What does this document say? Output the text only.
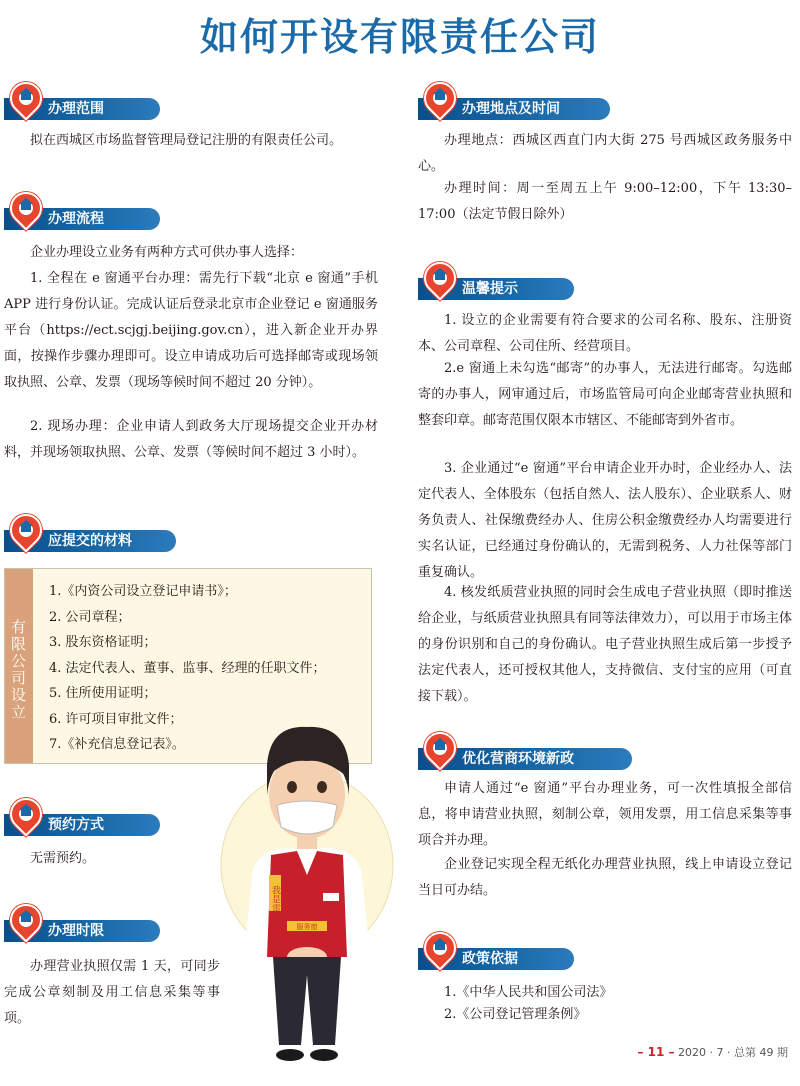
如何开设有限责任公司
办理范围

拟在西城区市场监督管理局登记注册的有限责任公司。

办理流程

企业办理设立业务有两种方式可供办事人选择：

1. 全程在 e 窗通平台办理：需先行下载“北京 e 窗通”手机 APP 进行身份认证。完成认证后登录北京市企业登记 e 窗通服务平台（https://ect.scjgj.beijing.gov.cn），进入新企业开办界面，按操作步骤办理即可。设立申请成功后可选择邮寄或现场领取执照、公章、发票（现场等候时间不超过 20 分钟）。

2. 现场办理：企业申请人到政务大厅现场提交企业开办材料，并现场领取执照、公章、发票（等候时间不超过 3 小时）。

应提交的材料
有限公司设立
1.《内资公司设立登记申请书》；
2. 公司章程；
3. 股东资格证明；
4. 法定代表人、董事、监事、经理的任职文件；
5. 住所使用证明；
6. 许可项目审批文件；
7.《补充信息登记表》。
预约方式

无需预约。

办理时限

办理营业执照仅需 1 天，可同步完成公章刻制及用工信息采集等事项。

我是雷
服务窗
办理地点及时间

办理地点：西城区西直门内大街 275 号西城区政务服务中心。

办理时间：周一至周五上午 9:00–12:00，下午 13:30–17:00（法定节假日除外）

温馨提示

1. 设立的企业需要有符合要求的公司名称、股东、注册资本、公司章程、公司住所、经营项目。

2.e 窗通上未勾选“邮寄”的办事人，无法进行邮寄。勾选邮寄的办事人，网审通过后，市场监管局可向企业邮寄营业执照和整套印章。邮寄范围仅限本市辖区、不能邮寄到外省市。

3. 企业通过“e 窗通”平台申请企业开办时，企业经办人、法定代表人、全体股东（包括自然人、法人股东）、企业联系人、财务负责人、社保缴费经办人、住房公积金缴费经办人均需要进行实名认证，已经通过身份确认的，无需到税务、人力社保等部门重复确认。

4. 核发纸质营业执照的同时会生成电子营业执照（即时推送给企业，与纸质营业执照具有同等法律效力），可以用于市场主体的身份识别和自己的身份确认。电子营业执照生成后第一步授予法定代表人，还可授权其他人，支持微信、支付宝的应用（可直接下载）。

优化营商环境新政

申请人通过“e 窗通”平台办理业务，可一次性填报全部信息，将申请营业执照，刻制公章，领用发票，用工信息采集等事项合并办理。

企业登记实现全程无纸化办理营业执照，线上申请设立登记当日可办结。

政策依据

1.《中华人民共和国公司法》

2.《公司登记管理条例》

– 11 – 2020 · 7 · 总第 49 期
